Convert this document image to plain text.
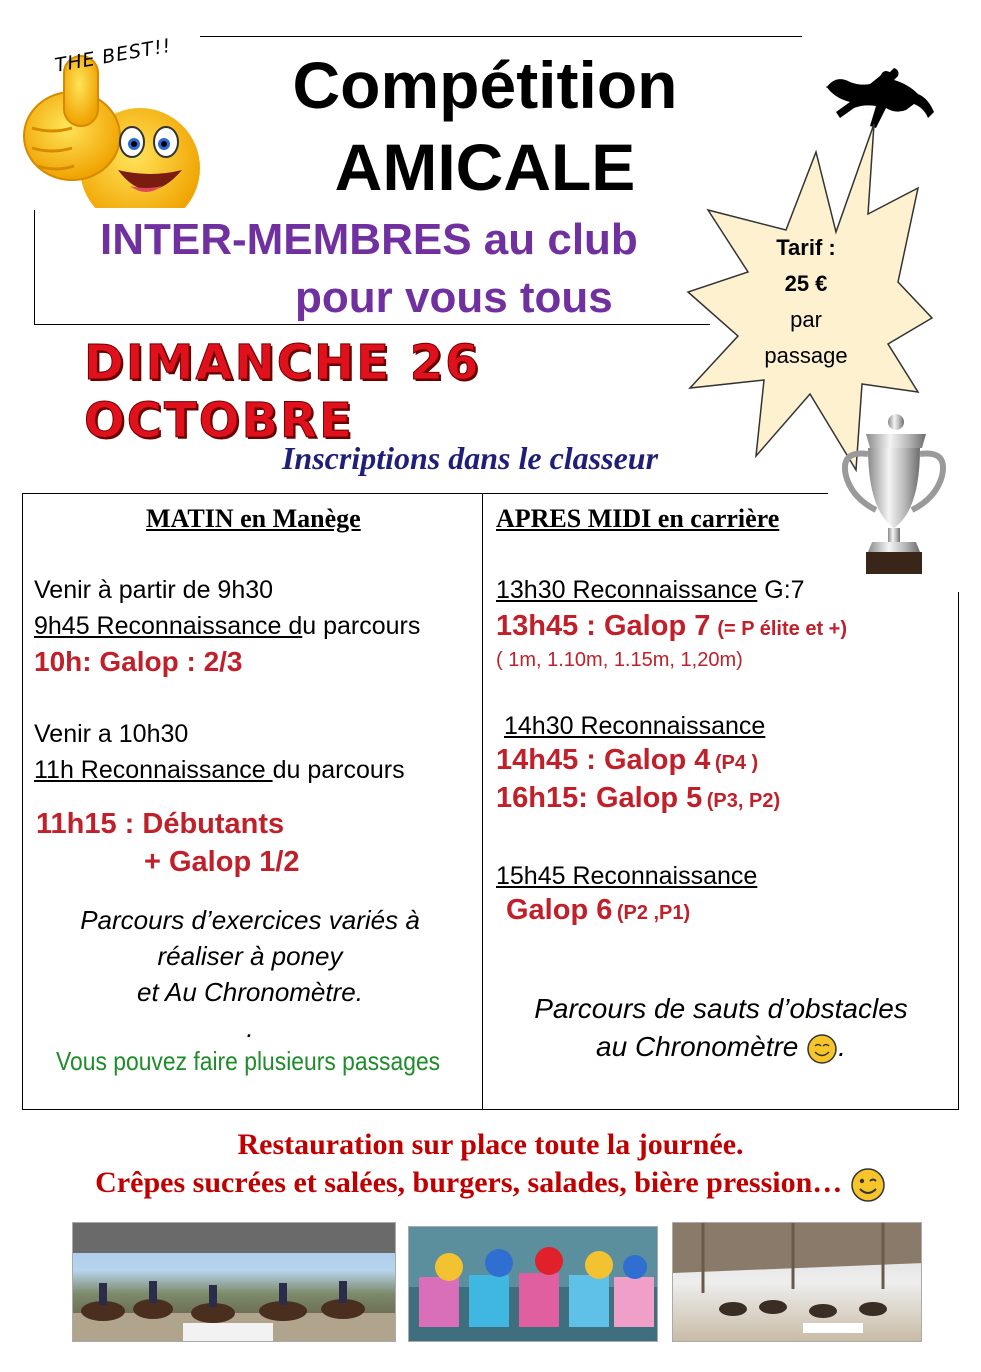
THE BEST!!	Compétition
AMICALE
INTER-MEMBRES au club
pour vous tous
DIMANCHE 26 OCTOBRE
Tarif :
25 €
par
passage
Inscriptions dans le classeur
MATIN en Manège
Venir à partir de 9h30
9h45 Reconnaissance du parcours
10h: Galop : 2/3
Venir a 10h30
11h Reconnaissance du parcours
11h15 : Débutants
+ Galop 1/2
Parcours d’exercices variés à
réaliser à poney
et Au Chronomètre.
.
Vous pouvez faire plusieurs passages
APRES MIDI en carrière
13h30 Reconnaissance G:7
13h45 : Galop 7 (= P élite et +)
( 1m, 1.10m, 1.15m, 1,20m)
14h30 Reconnaissance
14h45 : Galop 4 (P4 )
16h15: Galop 5 (P3, P2)
15h45 Reconnaissance
Galop 6 (P2 ,P1)
Parcours de sauts d’obstacles
au Chronomètre .
Restauration sur place toute la journée.
Crêpes sucrées et salées, burgers, salades, bière pression…
